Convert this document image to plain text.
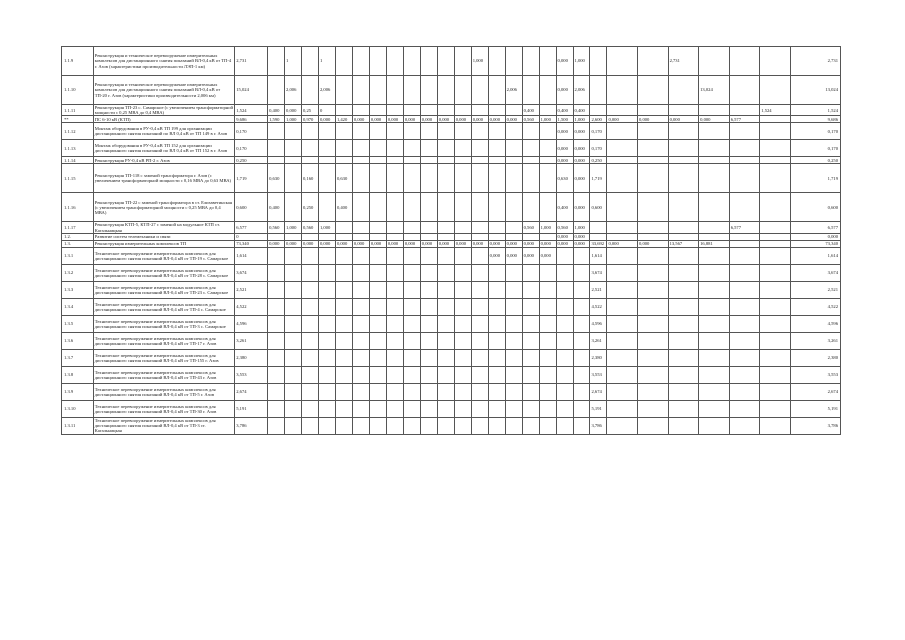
1.1.9	Реконструкция и техническое перевооружение измерительных комплексов для дистанционного снятия показаний ВЛ-0,4 кВ от ТП-4 г. Азов (характеристики производительности ЛЭП-1 км)	2,731		1		1									1,000					0,000	1,000				2,731				2,731
1.1.10	Реконструкция и техническое перевооружение измерительных комплексов для дистанционного снятия показаний ВЛ-0,4 кВ от ТП-20 г. Азов (характеристики производительности 2,006 км)	15,024		2,006		2,006											2,006			0,000	2,006					13,024			13,024
1.1.11	Реконструкция ТП-23 с. Самарское (с увеличением трансформаторной мощности с 0,25 МВА до 0,4 МВА)	1,524	0,400	0,000	0,25	0												0,400		0,400	0,400							1,524	1,524
**	ПС 6-10 кВ (КТП)	9,686	1,590	1,000	0,970	0,000	1,420	0,000	0,000	0,000	0,000	0,000	0,000	0,000	0,000	0,000	0,000	0,560	1,000	1,500	1,000	2,600	0,000	0,000	0,000	0,000	6,577		9,686
1.1.12	Монтаж оборудования в РУ-0,4 кВ ТП 199 для организации дистанционного снятия показаний по ВЛ 0,4 кВ от ТП 149 в г. Азов	0,170																		0,000	0,000	0,170							0,170
1.1.13	Монтаж оборудования в РУ-0,4 кВ ТП 152 для организации дистанционного снятия показаний по ВЛ 0,4 кВ от ТП 152 в г. Азов	0,170																		0,000	0,000	0,170							0,170
1.1.14	Реконструкция РУ-0,4 кВ РП-2 г. Азов	0,250																		0,000	0,000	0,250							0,250
1.1.15	Реконструкция ТП-118 с заменой трансформатора г. Азов (с увеличением трансформаторной мощности с 0,16 МВА до 0,63 МВА)	1,719	0,630		0,160		0,630													0,630	0,000	1,719							1,719
1.1.16	Реконструкция ТП-22 с заменой трансформатора в ст. Елизаветинская (с увеличением трансформаторной мощности с 0,25 МВА до 0,4 МВА)	0,600	0,400		0,250		0,400													0,400	0,000	0,600							0,600
1.1.17	Реконструкция КТП-5, КТП-27 с заменой на модульное КТП ст. Кагальницкая	6,577	0,560	1,000	0,560	1,000												0,560	1,000	0,560	1,000						6,577		6,577
1.2.	Развитие систем телемеханики и связи	0																		0,000	0,000								0,000
1.3.	Реконструкция измерительных комплексов ТП	73,340	0,000	0,000	0,000	0,000	0,000	0,000	0,000	0,000	0,000	0,000	0,000	0,000	0,000	0,000	0,000	0,000	0,000	0,000	0,000	33,692	0,000	0,000	13,567	16,881			73,340
1.3.1	Техническое перевооружение измерительных комплексов для дистанционного снятия показаний ВЛ-0,4 кВ от ТП-19 с. Самарское	1,614														0,000	0,000	0,000	0,000			1,614							1,614
1.3.2	Техническое перевооружение измерительных комплексов для дистанционного снятия показаний ВЛ-0,4 кВ от ТП-28 с. Самарское	3,674																				3,674							3,674
1.3.3	Техническое перевооружение измерительных комплексов для дистанционного снятия показаний ВЛ-0,4 кВ от ТП-23 с. Самарское	2,521																				2,521							2,521
1.3.4	Техническое перевооружение измерительных комплексов для дистанционного снятия показаний ВЛ-0,4 кВ от ТП-4 с. Самарское	4,522																				4,522							4,522
1.3.5	Техническое перевооружение измерительных комплексов для дистанционного снятия показаний ВЛ-0,4 кВ от ТП-3 с. Самарское	4,596																				4,596							4,596
1.3.6	Техническое перевооружение измерительных комплексов для дистанционного снятия показаний ВЛ-0,4 кВ от ТП-17 г. Азов	3,261																				3,261							3,261
1.3.7	Техническое перевооружение измерительных комплексов для дистанционного снятия показаний ВЛ-0,4 кВ от ТП-155 г. Азов	2,380																				2,380							2,380
1.3.8	Техническое перевооружение измерительных комплексов для дистанционного снятия показаний ВЛ-0,4 кВ от ТП-43 г. Азов	3,553																				3,553							3,553
1.3.9	Техническое перевооружение измерительных комплексов для дистанционного снятия показаний ВЛ-0,4 кВ от ТП-5 г. Азов	2,674																				2,674							2,674
1.3.10	Техническое перевооружение измерительных комплексов для дистанционного снятия показаний ВЛ-0,4 кВ от ТП-30 г. Азов	5,191																				5,191							5,191
1.3.11	Техническое перевооружение измерительных комплексов для дистанционного снятия показаний ВЛ-0,4 кВ от ТП-3 ст. Кагальницкая	3,786																				3,786							3,786
